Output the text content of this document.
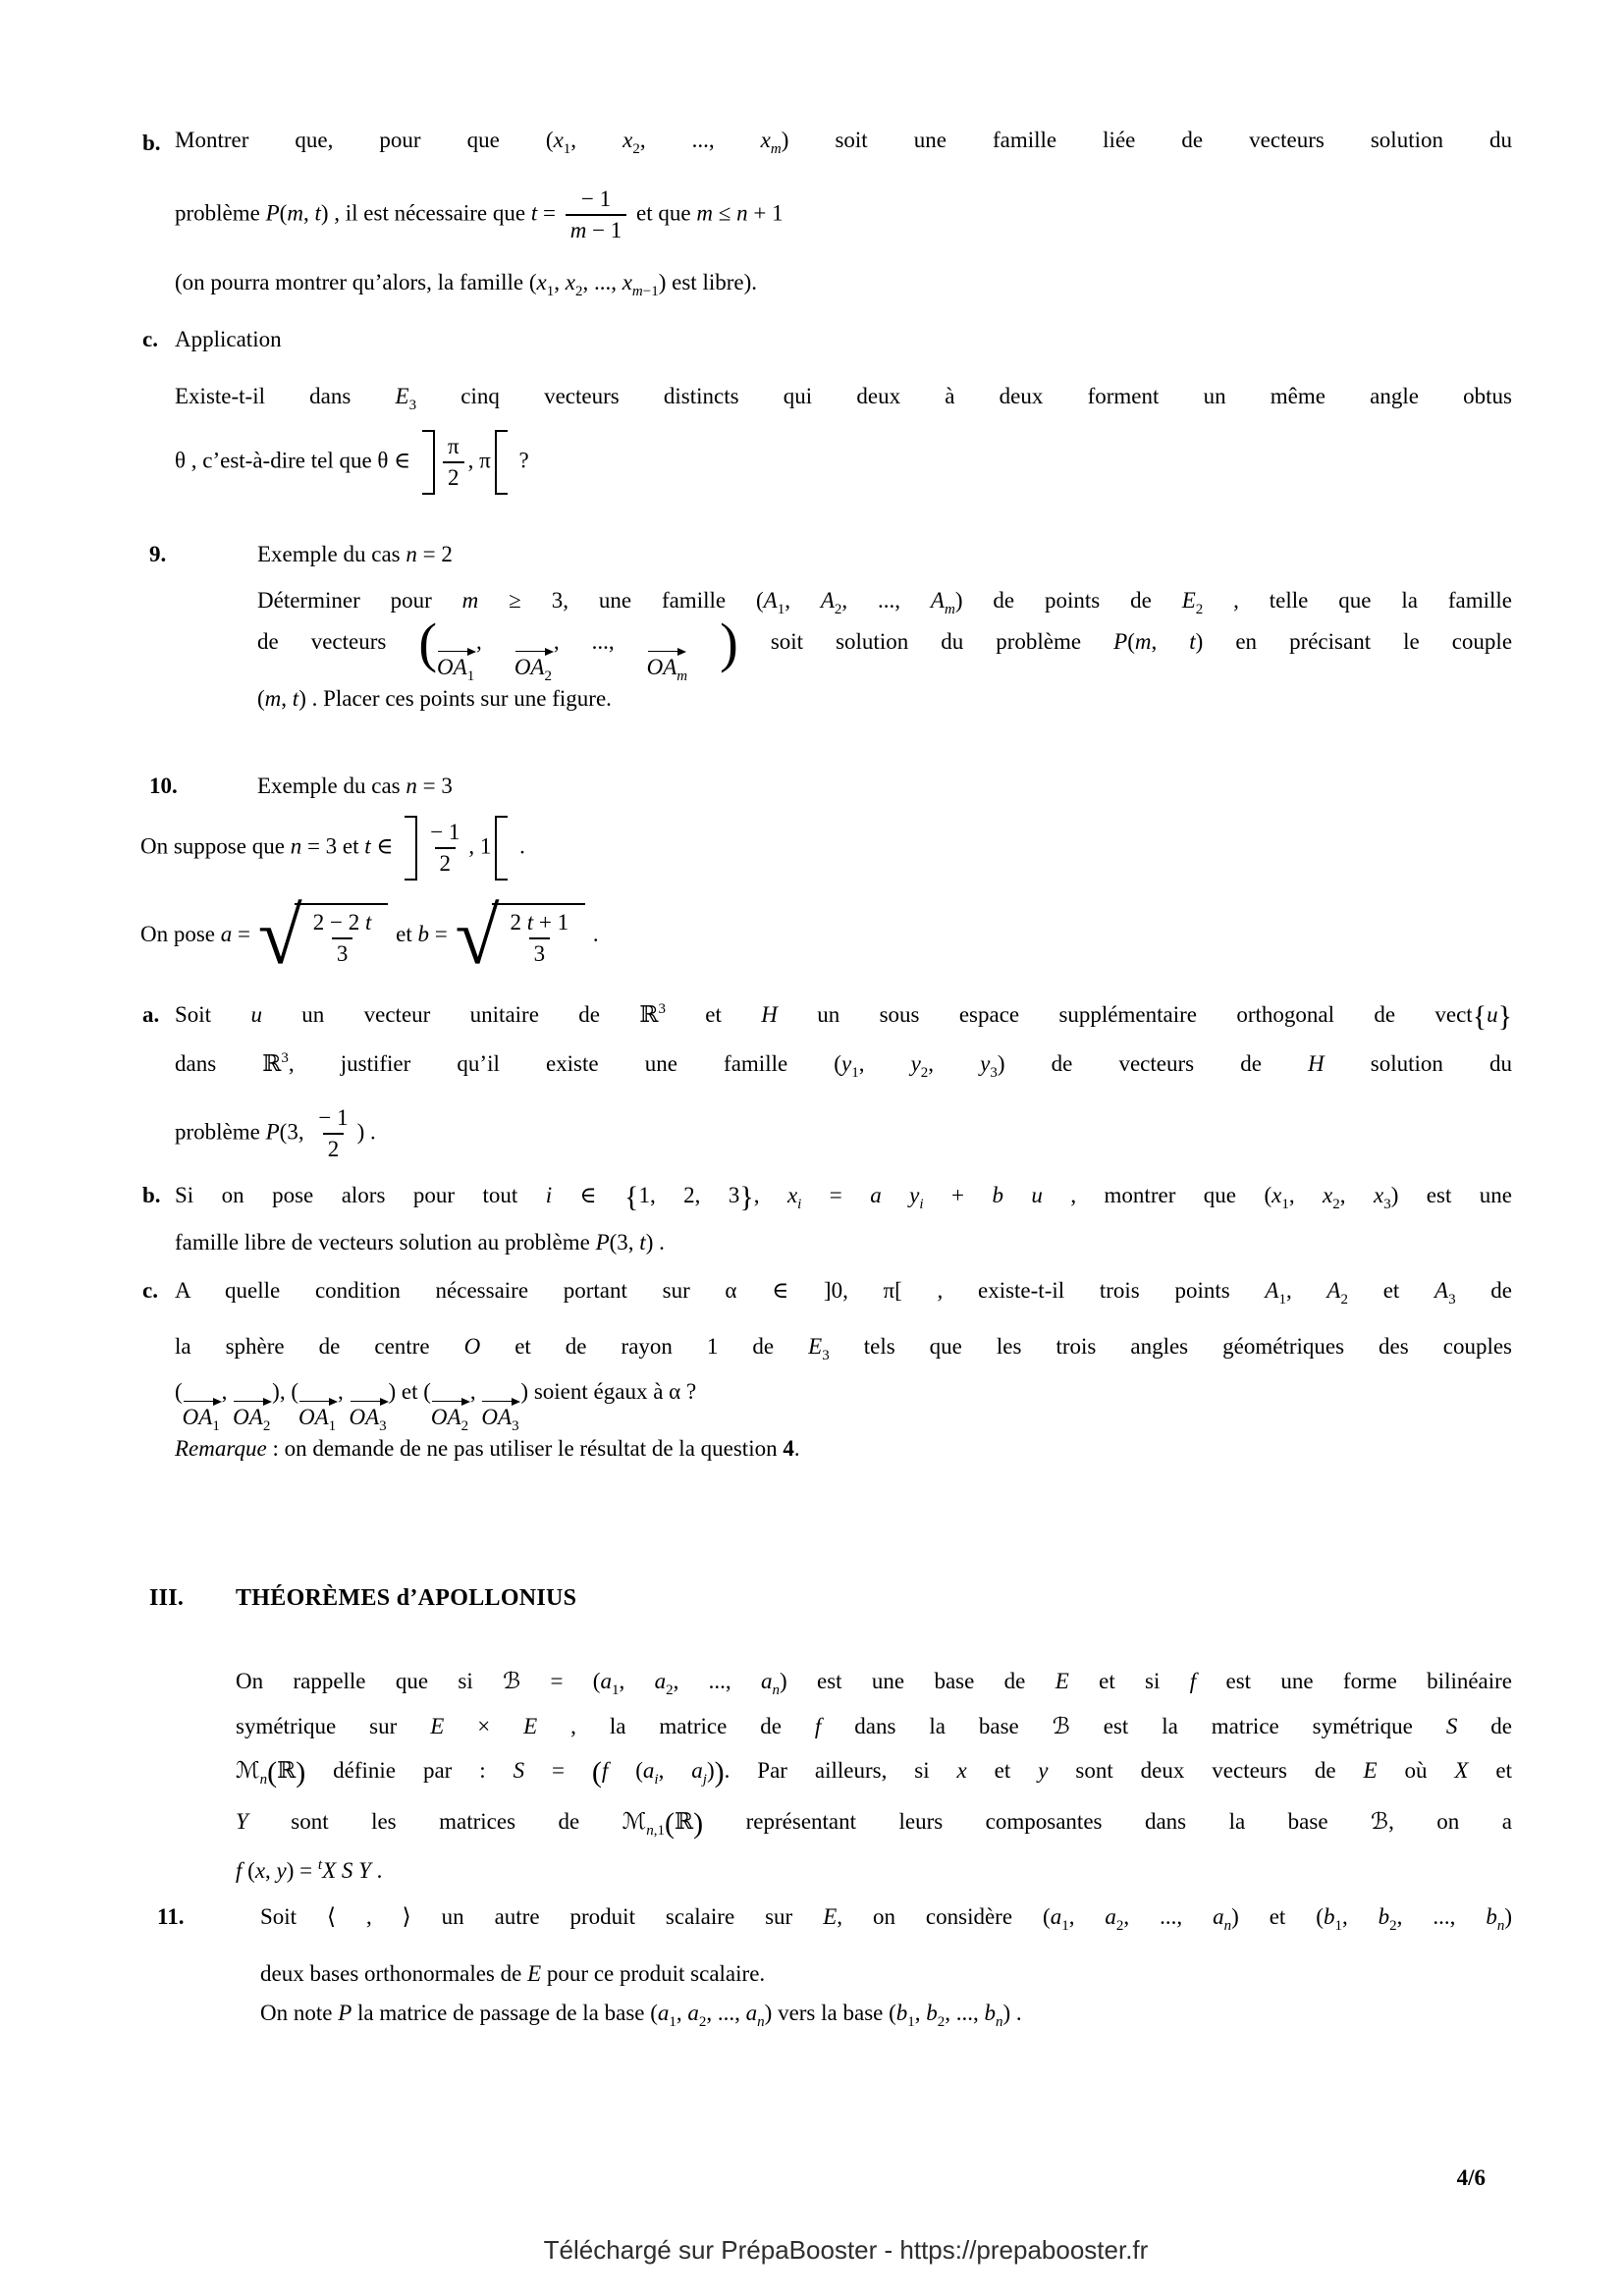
b. Montrer que, pour que ($x_1$, $x_2$, ..., $x_m$) soit une famille liée de vecteurs solution du
problème P(m, t) , il est nécessaire que $t = \frac{- 1}{m - 1}$ et que m ≤ n + 1
(on pourra montrer qu’alors, la famille ($x_1$, $x_2$, ..., $x_{m-1}$) est libre).
c. Application
Existe-t-il dans $E_3$ cinq vecteurs distincts qui deux à deux forment un même angle obtus
θ , c’est-à-dire tel que θ ∈ $\frac{\pi}{2}$ , π ?
9.	Exemple du cas n = 2
Déterminer pour m ≥ 3, une famille ($A_1$, $A_2$, ..., $A_m$) de points de $E_2$ , telle que la famille
de vecteurs ( $OA_1$
,
$OA_2$
, ...,
$OA_m$
) soit solution du problème P(m, t) en précisant le couple
(m, t) . Placer ces points sur une figure.
10.	Exemple du cas n = 3
On suppose que n = 3 et t ∈ $\frac{- 1}{2}$ , 1 .
On pose a = √ $\frac{2 - 2 t}{3}$ et b = √ $\frac{2 t + 1}{3}$ .
a. Soit u un vecteur unitaire de ℝ$^3$ et H un sous espace supplémentaire orthogonal de vect{u}
dans ℝ$^3$, justifier qu’il existe une famille ($y_1$, $y_2$, $y_3$) de vecteurs de H solution du
problème P(3, $\frac{- 1}{2}$ ) .
b. Si on pose alors pour tout i ∈ {1, 2, 3}, $x_i = a$ $y_i + b$ u , montrer que ($x_1$, $x_2$, $x_3$) est une
famille libre de vecteurs solution au problème P(3, t) .
c. A quelle condition nécessaire portant sur α ∈ ]0, π[ , existe-t-il trois points $A_1$, $A_2$ et $A_3$ de
la sphère de centre O et de rayon 1 de $E_3$ tels que les trois angles géométriques des couples
(
$OA_1$
,
$OA_2$
), (
$OA_1$
,
$OA_3$
) et (
$OA_2$
,
$OA_3$
) soient égaux à α ?
Remarque : on demande de ne pas utiliser le résultat de la question 4.
III. THÉORÈMES d’APOLLONIUS
On rappelle que si ℬ = ($a_1$, $a_2$, ..., $a_n$) est une base de E et si f est une forme bilinéaire
symétrique sur E × E , la matrice de f dans la base ℬ est la matrice symétrique S de
ℳ$_n$(ℝ) définie par : S = (f ($a_i$, $a_j$)). Par ailleurs, si x et y sont deux vecteurs de E où X et
Y sont les matrices de ℳ$_{n,1}$(ℝ) représentant leurs composantes dans la base ℬ, on a
f (x, y) = $^t$X S Y .
11.	Soit ⟨ , ⟩ un autre produit scalaire sur E, on considère ($a_1$, $a_2$, ..., $a_n$) et ($b_1$, $b_2$, ..., $b_n$)
deux bases orthonormales de E pour ce produit scalaire.
On note P la matrice de passage de la base ($a_1$, $a_2$, ..., $a_n$) vers la base ($b_1$, $b_2$, ..., $b_n$) .
4/6
Téléchargé sur PrépaBooster - https://prepabooster.fr
